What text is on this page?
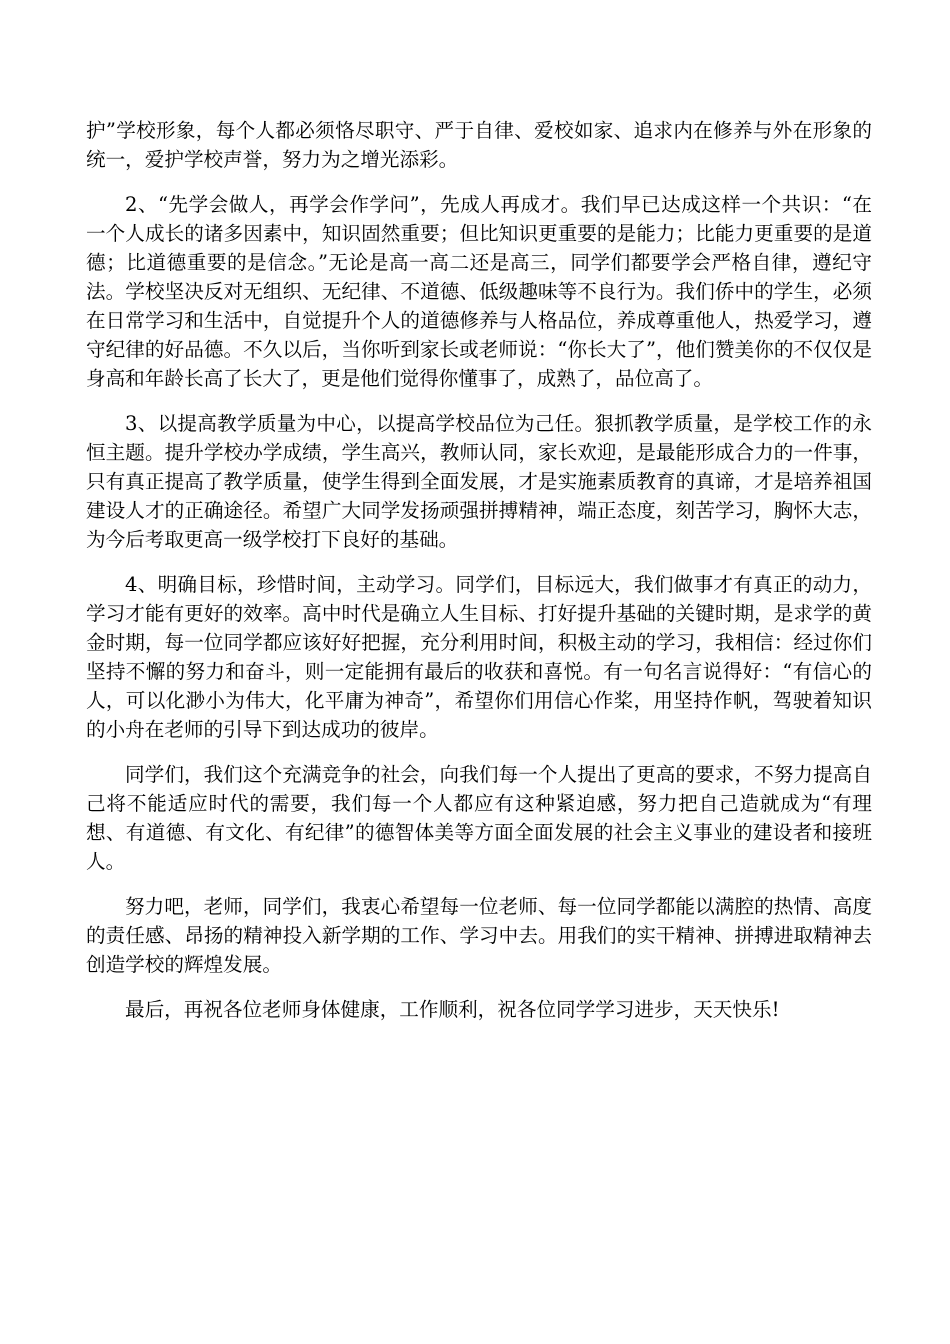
护”学校形象，每个人都必须恪尽职守、严于自律、爱校如家、追求内在修养与外在形象的统一，爱护学校声誉，努力为之增光添彩。

2、“先学会做人，再学会作学问”，先成人再成才。我们早已达成这样一个共识：“在一个人成长的诸多因素中，知识固然重要；但比知识更重要的是能力；比能力更重要的是道德；比道德重要的是信念。”无论是高一高二还是高三，同学们都要学会严格自律，遵纪守法。学校坚决反对无组织、无纪律、不道德、低级趣味等不良行为。我们侨中的学生，必须在日常学习和生活中，自觉提升个人的道德修养与人格品位，养成尊重他人，热爱学习，遵守纪律的好品德。不久以后，当你听到家长或老师说：“你长大了”，他们赞美你的不仅仅是身高和年龄长高了长大了，更是他们觉得你懂事了，成熟了，品位高了。

3、以提高教学质量为中心，以提高学校品位为己任。狠抓教学质量，是学校工作的永恒主题。提升学校办学成绩，学生高兴，教师认同，家长欢迎，是最能形成合力的一件事，只有真正提高了教学质量，使学生得到全面发展，才是实施素质教育的真谛，才是培养祖国建设人才的正确途径。希望广大同学发扬顽强拼搏精神，端正态度，刻苦学习，胸怀大志，为今后考取更高一级学校打下良好的基础。

4、明确目标，珍惜时间，主动学习。同学们，目标远大，我们做事才有真正的动力，学习才能有更好的效率。高中时代是确立人生目标、打好提升基础的关键时期，是求学的黄金时期，每一位同学都应该好好把握，充分利用时间，积极主动的学习，我相信：经过你们坚持不懈的努力和奋斗，则一定能拥有最后的收获和喜悦。有一句名言说得好：“有信心的人，可以化渺小为伟大，化平庸为神奇”，希望你们用信心作桨，用坚持作帆，驾驶着知识的小舟在老师的引导下到达成功的彼岸。

同学们，我们这个充满竞争的社会，向我们每一个人提出了更高的要求，不努力提高自己将不能适应时代的需要，我们每一个人都应有这种紧迫感，努力把自己造就成为“有理想、有道德、有文化、有纪律”的德智体美等方面全面发展的社会主义事业的建设者和接班人。

努力吧，老师，同学们，我衷心希望每一位老师、每一位同学都能以满腔的热情、高度的责任感、昂扬的精神投入新学期的工作、学习中去。用我们的实干精神、拼搏进取精神去创造学校的辉煌发展。

最后，再祝各位老师身体健康，工作顺利，祝各位同学学习进步，天天快乐!
